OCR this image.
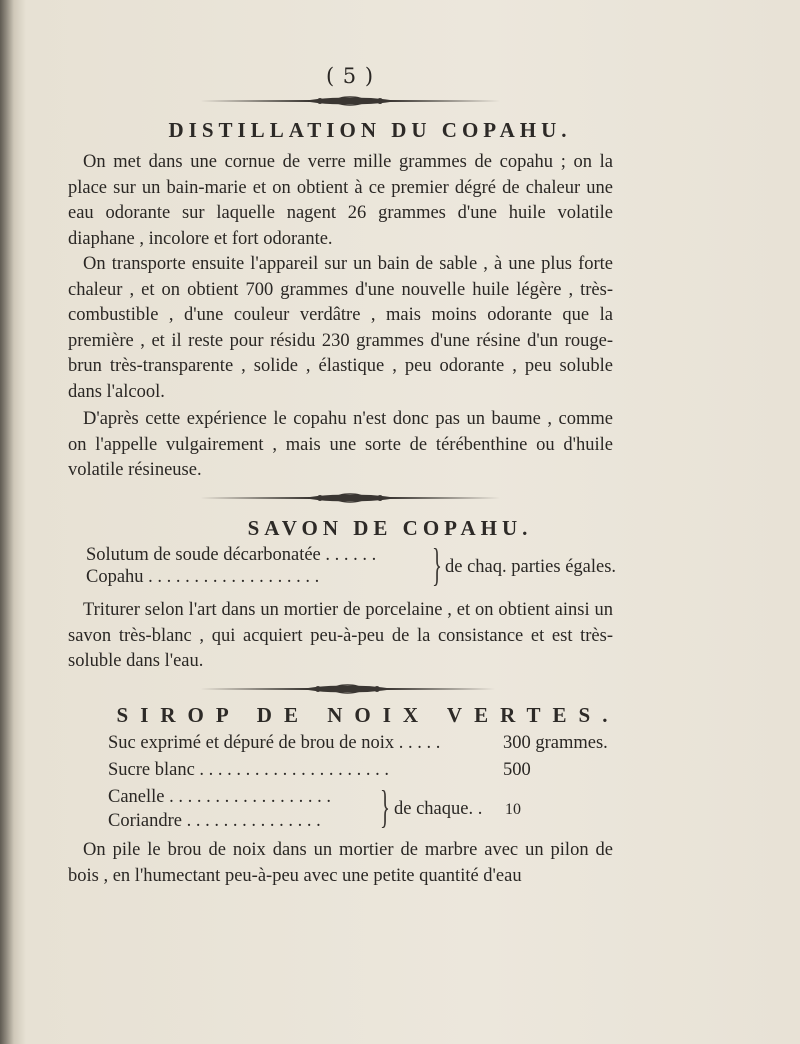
( 5 )
DISTILLATION DU COPAHU.
On met dans une cornue de verre mille grammes de copahu ; on la place sur un bain-marie et on obtient à ce premier dégré de chaleur une eau odorante sur laquelle nagent 26 grammes d'une huile volatile diaphane , incolore et fort odorante.
On transporte ensuite l'appareil sur un bain de sable , à une plus forte chaleur , et on obtient 700 grammes d'une nouvelle huile légère , très-combustible , d'une couleur verdâtre , mais moins odorante que la première , et il reste pour résidu 230 grammes d'une résine d'un rouge-brun très-transparente , solide , élastique , peu odorante , peu soluble dans l'alcool.
D'après cette expérience le copahu n'est donc pas un baume , comme on l'appelle vulgairement , mais une sorte de térébenthine ou d'huile volatile résineuse.
SAVON DE COPAHU.
Solutum de soude décarbonatée . . . . . .
Copahu . . . . . . . . . . . . . . . . . . . } de chaq. parties égales.
Triturer selon l'art dans un mortier de porcelaine , et on obtient ainsi un savon très-blanc , qui acquiert peu-à-peu de la consistance et est très-soluble dans l'eau.
SIROP DE NOIX VERTES.
Suc exprimé et dépuré de brou de noix . . . . .	300 grammes.
Sucre blanc . . . . . . . . . . . . . . . . . . . . .	500
Canelle . . . . . . . . . . . . . . . . . .
Coriandre . . . . . . . . . . . . . . . } de chaque. . 10
On pile le brou de noix dans un mortier de marbre avec un pilon de bois , en l'humectant peu-à-peu avec une petite quantité d'eau
